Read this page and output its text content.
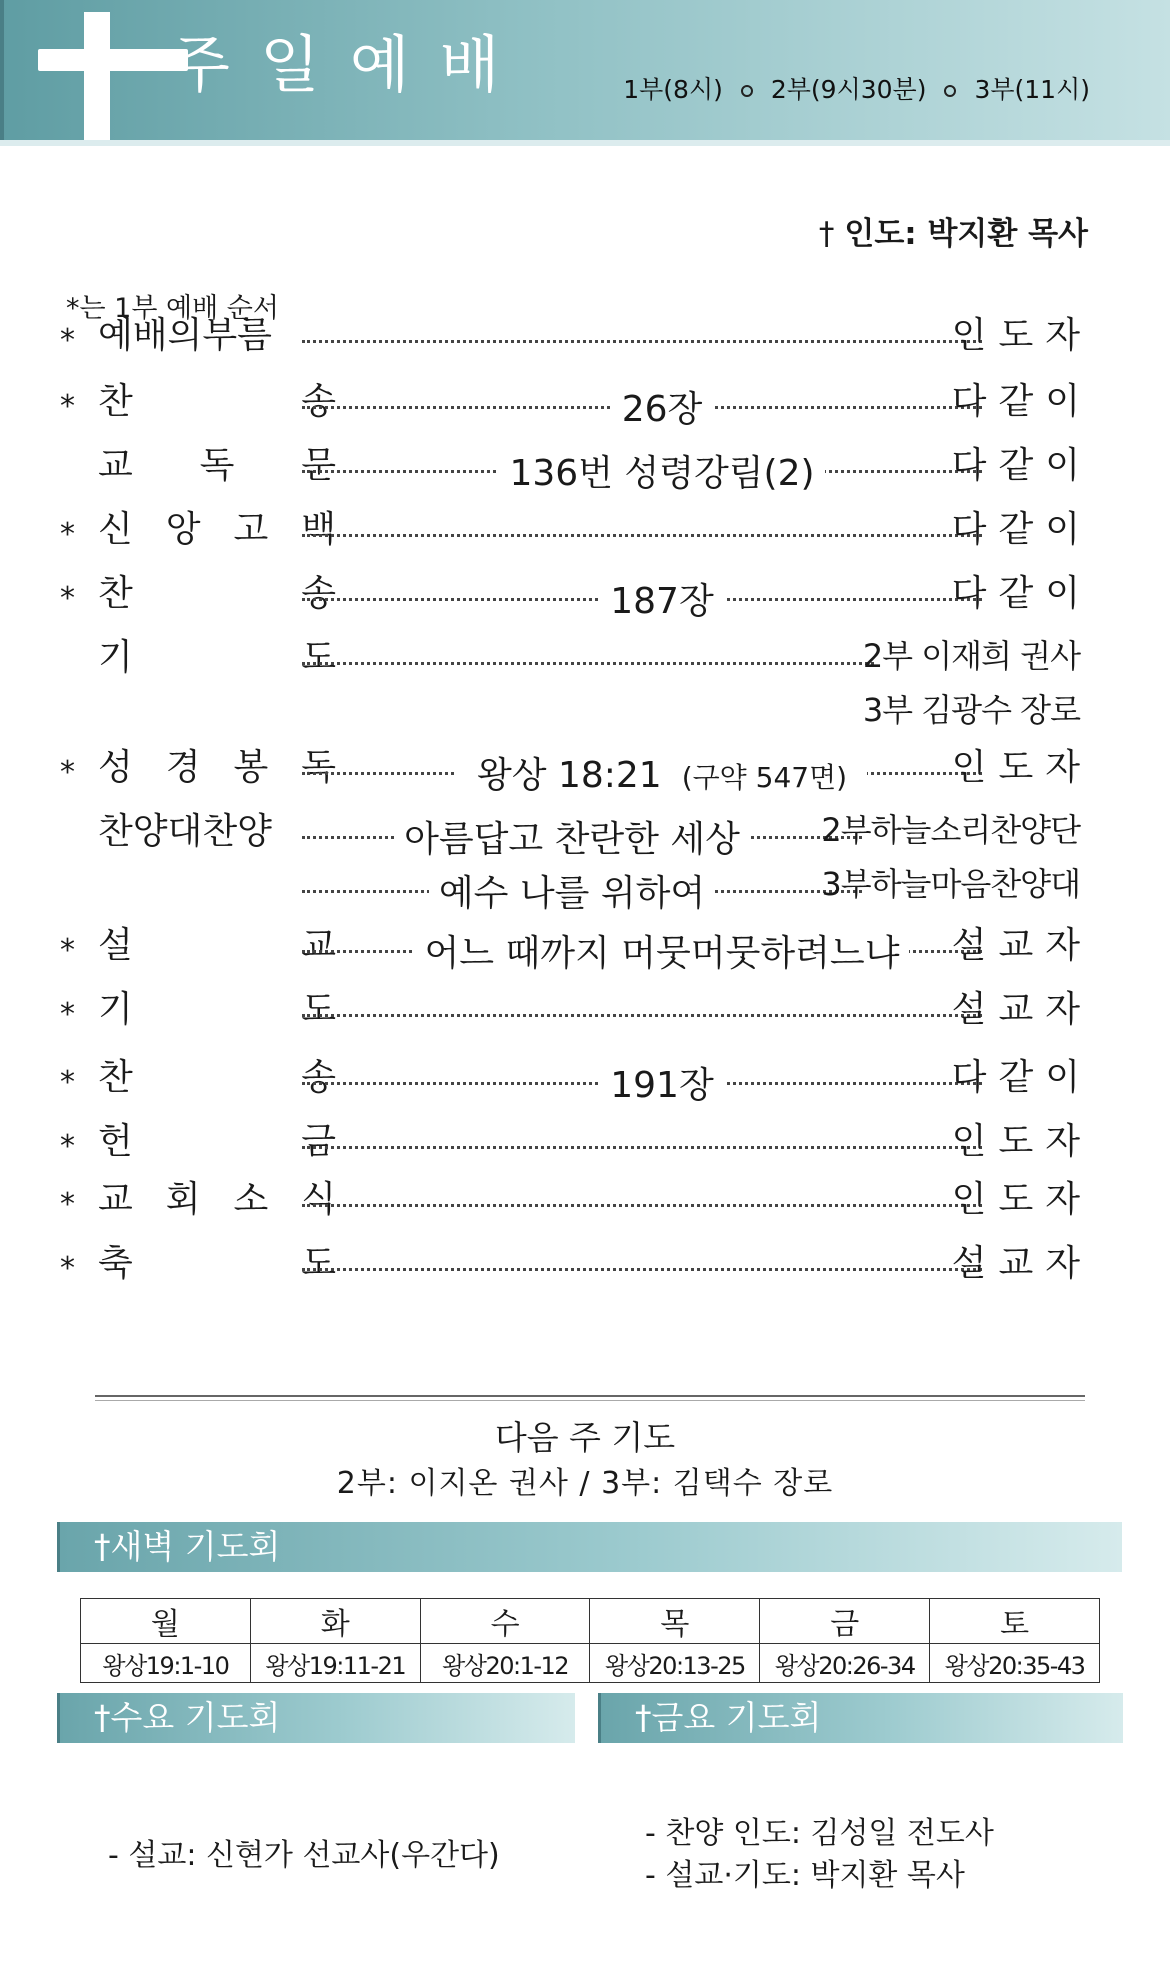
주일예배	1부(8시) 2부(9시30분) 3부(11시)
† 인도: 박지환 목사
*는 1부 예배 순서
* 예배의부름	인도자
* 찬	송	26장	다같이
교 독 문	136번 성령강림(2)	다같이
* 신 앙 고 백	다같이
* 찬	송	187장	다같이
기	도	2부 이재희 권사
3부 김광수 장로
* 성 경 봉 독	왕상 18:21 (구약 547면)	인도자
찬양대찬양	아름답고 찬란한 세상	2부하늘소리찬양단
예수 나를 위하여	3부하늘마음찬양대
* 설	교	어느 때까지 머뭇머뭇하려느냐	설교자
* 기	도	설교자
* 찬	송	191장	다같이
* 헌	금	인도자
* 교 회 소 식	인도자
* 축	도	설교자
다음 주 기도
2부: 이지온 권사 / 3부: 김택수 장로
†새벽 기도회
월	화	수	목	금	토
왕상19:1-10	왕상19:11-21	왕상20:1-12	왕상20:13-25	왕상20:26-34	왕상20:35-43
†수요 기도회	†금요 기도회
- 설교: 신현가 선교사(우간다)
- 찬양 인도: 김성일 전도사
- 설교·기도: 박지환 목사
